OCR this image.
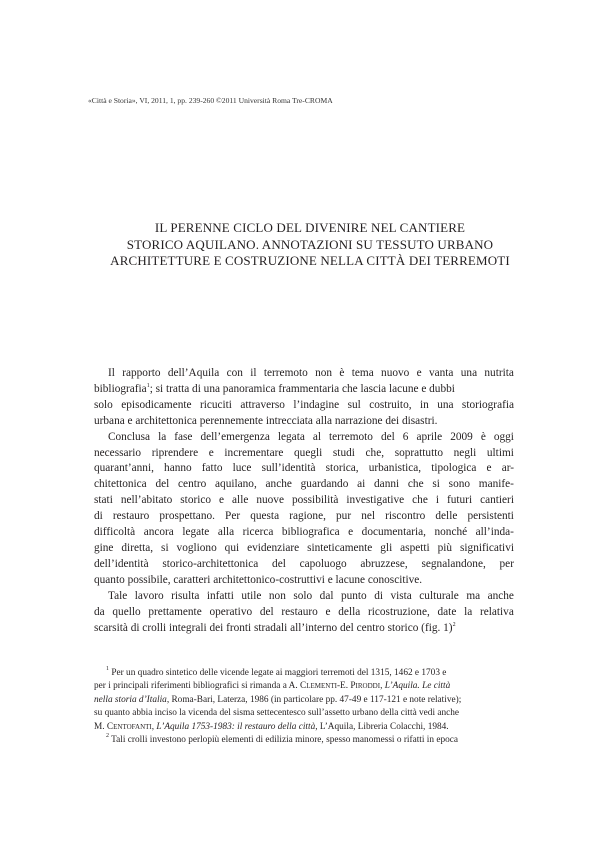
«Città e Storia», VI, 2011, 1, pp. 239-260 ©2011 Università Roma Tre-CROMA
IL PERENNE CICLO DEL DIVENIRE NEL CANTIERE
STORICO AQUILANO. ANNOTAZIONI SU TESSUTO URBANO
ARCHITETTURE E COSTRUZIONE NELLA CITTÀ DEI TERREMOTI
Il rapporto dell’Aquila con il terremoto non è tema nuovo e vanta una nutrita
bibliografia$^1$; si tratta di una panoramica frammentaria che lascia lacune e dubbi
solo episodicamente ricuciti attraverso l’indagine sul costruito, in una storiografia
urbana e architettonica perennemente intrecciata alla narrazione dei disastri.
Conclusa la fase dell’emergenza legata al terremoto del 6 aprile 2009 è oggi
necessario riprendere e incrementare quegli studi che, soprattutto negli ultimi
quarant’anni, hanno fatto luce sull’identità storica, urbanistica, tipologica e ar-
chitettonica del centro aquilano, anche guardando ai danni che si sono manife-
stati nell’abitato storico e alle nuove possibilità investigative che i futuri cantieri
di restauro prospettano. Per questa ragione, pur nel riscontro delle persistenti
difficoltà ancora legate alla ricerca bibliografica e documentaria, nonché all’inda-
gine diretta, si vogliono qui evidenziare sinteticamente gli aspetti più significativi
dell’identità storico-architettonica del capoluogo abruzzese, segnalandone, per
quanto possibile, caratteri architettonico-costruttivi e lacune conoscitive.
Tale lavoro risulta infatti utile non solo dal punto di vista culturale ma anche
da quello prettamente operativo del restauro e della ricostruzione, date la relativa
scarsità di crolli integrali dei fronti stradali all’interno del centro storico (fig. 1)$^2$
$^1$ Per un quadro sintetico delle vicende legate ai maggiori terremoti del 1315, 1462 e 1703 e
per i principali riferimenti bibliografici si rimanda a A. Clementi-E. Piroddi, L’Aquila. Le città
nella storia d’Italia, Roma-Bari, Laterza, 1986 (in particolare pp. 47-49 e 117-121 e note relative);
su quanto abbia inciso la vicenda del sisma settecentesco sull’assetto urbano della città vedi anche
M. Centofanti, L’Aquila 1753-1983: il restauro della città, L’Aquila, Libreria Colacchi, 1984.
$^2$ Tali crolli investono perlopiù elementi di edilizia minore, spesso manomessi o rifatti in epoca
